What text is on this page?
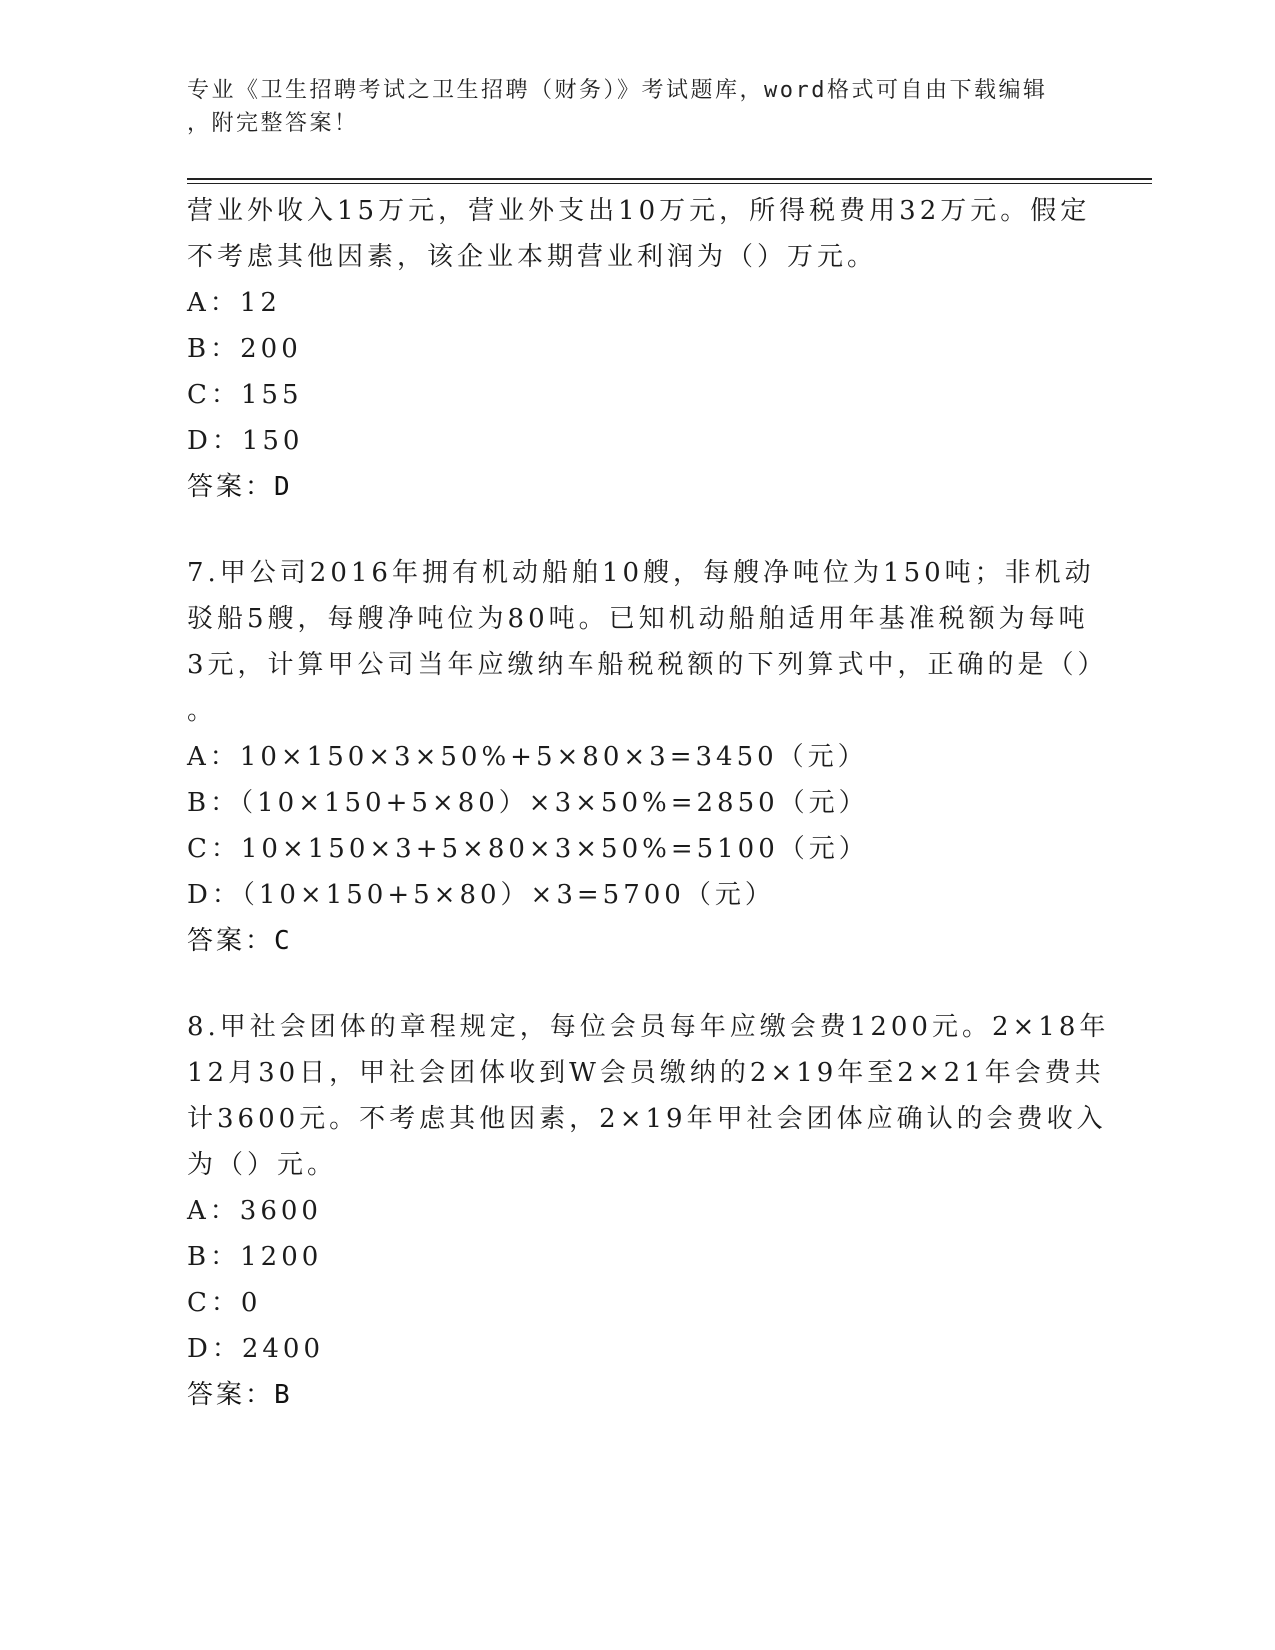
专业《卫生招聘考试之卫生招聘（财务）》考试题库，word格式可自由下载编辑
，附完整答案！
营业外收入15万元，营业外支出10万元，所得税费用32万元。假定
不考虑其他因素，该企业本期营业利润为（）万元。
A：12
B：200
C：155
D：150
答案：D
7.甲公司2016年拥有机动船舶10艘，每艘净吨位为150吨；非机动
驳船5艘，每艘净吨位为80吨。已知机动船舶适用年基准税额为每吨
3元，计算甲公司当年应缴纳车船税税额的下列算式中，正确的是（）
。
A：10×150×3×50%+5×80×3=3450（元）
B：（10×150+5×80）×3×50%=2850（元）
C：10×150×3+5×80×3×50%=5100（元）
D：（10×150+5×80）×3=5700（元）
答案：C
8.甲社会团体的章程规定，每位会员每年应缴会费1200元。2×18年
12月30日，甲社会团体收到W会员缴纳的2×19年至2×21年会费共
计3600元。不考虑其他因素，2×19年甲社会团体应确认的会费收入
为（）元。
A：3600
B：1200
C：0
D：2400
答案：B
